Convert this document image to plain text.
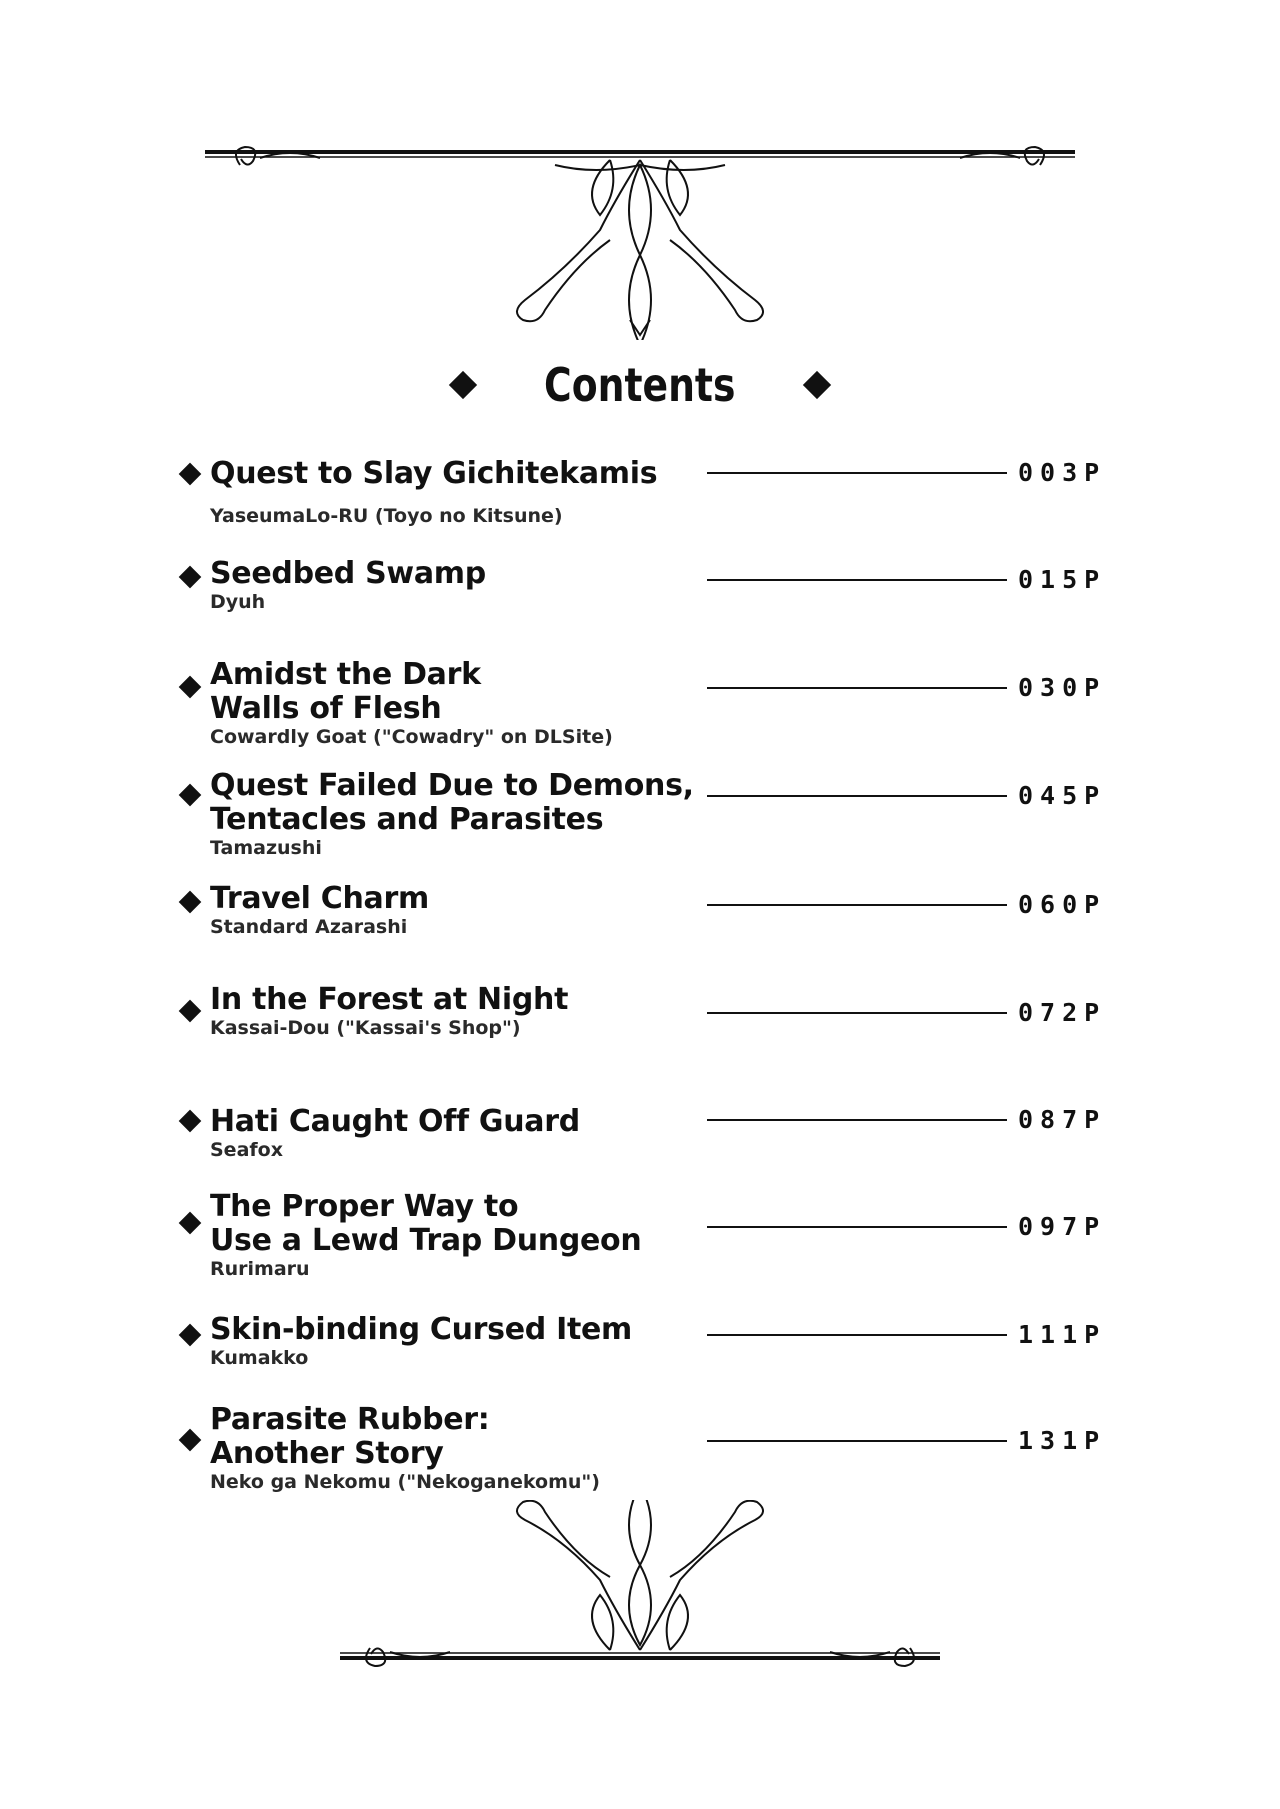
Contents
Quest to Slay Gichitekamis
YaseumaLo-RU (Toyo no Kitsune)
003P
Seedbed Swamp
Dyuh
015P
Amidst the Dark
Walls of Flesh
Cowardly Goat ("Cowadry" on DLSite)
030P
Quest Failed Due to Demons,
Tentacles and Parasites
Tamazushi
045P
Travel Charm
Standard Azarashi
060P
In the Forest at Night
Kassai-Dou ("Kassai's Shop")
072P
Hati Caught Off Guard
Seafox
087P
The Proper Way to
Use a Lewd Trap Dungeon
Rurimaru
097P
Skin-binding Cursed Item
Kumakko
111P
Parasite Rubber:
Another Story
Neko ga Nekomu ("Nekoganekomu")
131P
